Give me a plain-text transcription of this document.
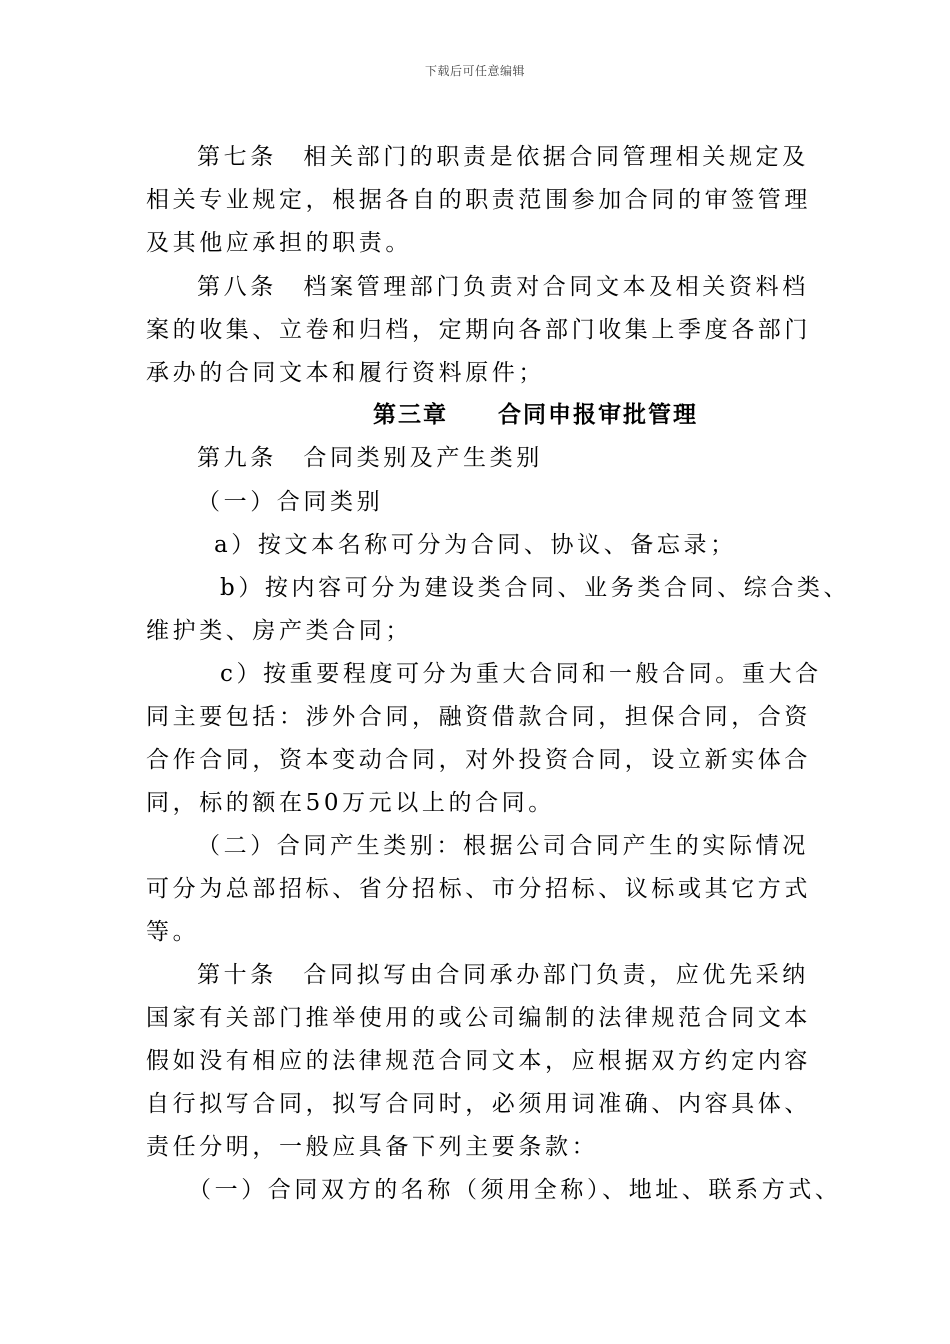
下载后可任意编辑
第七条　相关部门的职责是依据合同管理相关规定及
相关专业规定，根据各自的职责范围参加合同的审签管理
及其他应承担的职责。
第八条　档案管理部门负责对合同文本及相关资料档
案的收集、立卷和归档，定期向各部门收集上季度各部门
承办的合同文本和履行资料原件；
第三章　　合同申报审批管理
第九条　合同类别及产生类别
（一）合同类别
a）按文本名称可分为合同、协议、备忘录；
b）按内容可分为建设类合同、业务类合同、综合类、
维护类、房产类合同；
c）按重要程度可分为重大合同和一般合同。重大合
同主要包括：涉外合同，融资借款合同，担保合同，合资
合作合同，资本变动合同，对外投资合同，设立新实体合
同，标的额在50万元以上的合同。
（二）合同产生类别：根据公司合同产生的实际情况
可分为总部招标、省分招标、市分招标、议标或其它方式
等。
第十条　合同拟写由合同承办部门负责，应优先采纳
国家有关部门推举使用的或公司编制的法律规范合同文本
假如没有相应的法律规范合同文本，应根据双方约定内容
自行拟写合同，拟写合同时，必须用词准确、内容具体、
责任分明，一般应具备下列主要条款：
（一）合同双方的名称（须用全称）、地址、联系方式、
